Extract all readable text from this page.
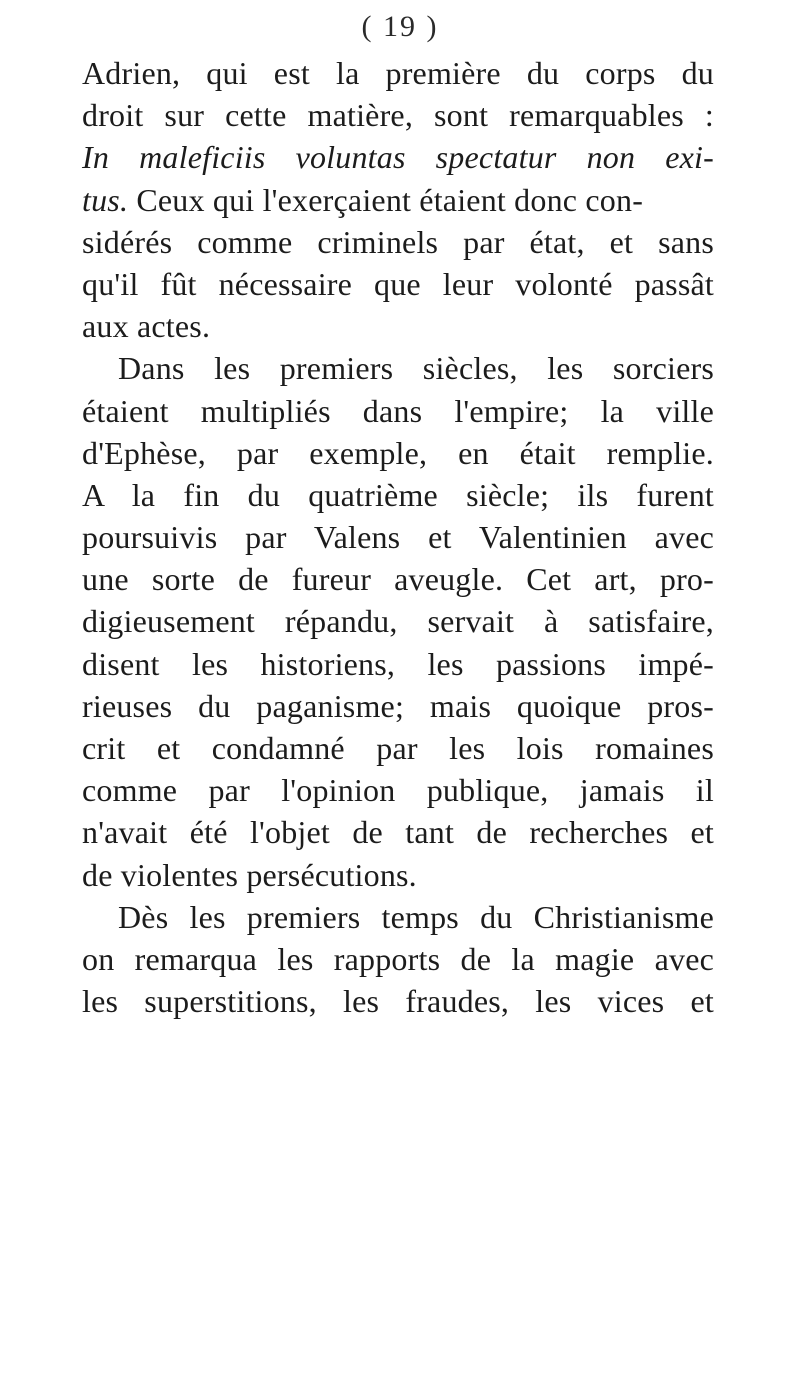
( 19 )
Adrien, qui est la première du corps du
droit sur cette matière, sont remarquables :
In maleficiis voluntas spectatur non exi-
tus. Ceux qui l'exerçaient étaient donc con-
sidérés comme criminels par état, et sans
qu'il fût nécessaire que leur volonté passât
aux actes.
Dans les premiers siècles, les sorciers
étaient multipliés dans l'empire; la ville
d'Ephèse, par exemple, en était remplie.
A la fin du quatrième siècle; ils furent
poursuivis par Valens et Valentinien avec
une sorte de fureur aveugle. Cet art, pro-
digieusement répandu, servait à satisfaire,
disent les historiens, les passions impé-
rieuses du paganisme; mais quoique pros-
crit et condamné par les lois romaines
comme par l'opinion publique, jamais il
n'avait été l'objet de tant de recherches et
de violentes persécutions.
Dès les premiers temps du Christianisme
on remarqua les rapports de la magie avec
les superstitions, les fraudes, les vices et
